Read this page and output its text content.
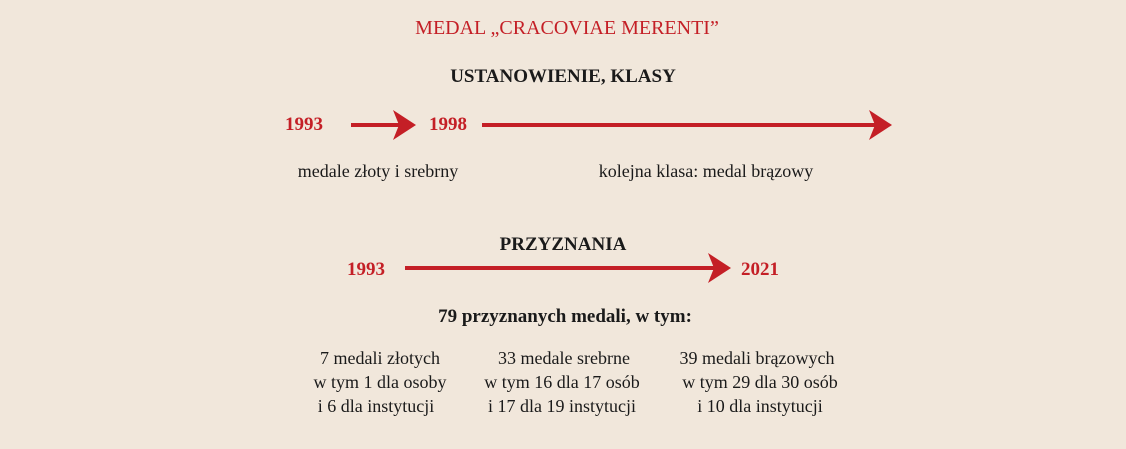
MEDAL „CRACOVIAE MERENTI”
USTANOWIENIE, KLASY
1993	1998
medale złoty i srebrny	kolejna klasa: medal brązowy
PRZYZNANIA
1993	2021
79 przyznanych medali, w tym:
7 medali złotych
w tym 1 dla osoby
i 6 dla instytucji
33 medale srebrne
w tym 16 dla 17 osób
i 17 dla 19 instytucji
39 medali brązowych
w tym 29 dla 30 osób
i 10 dla instytucji
